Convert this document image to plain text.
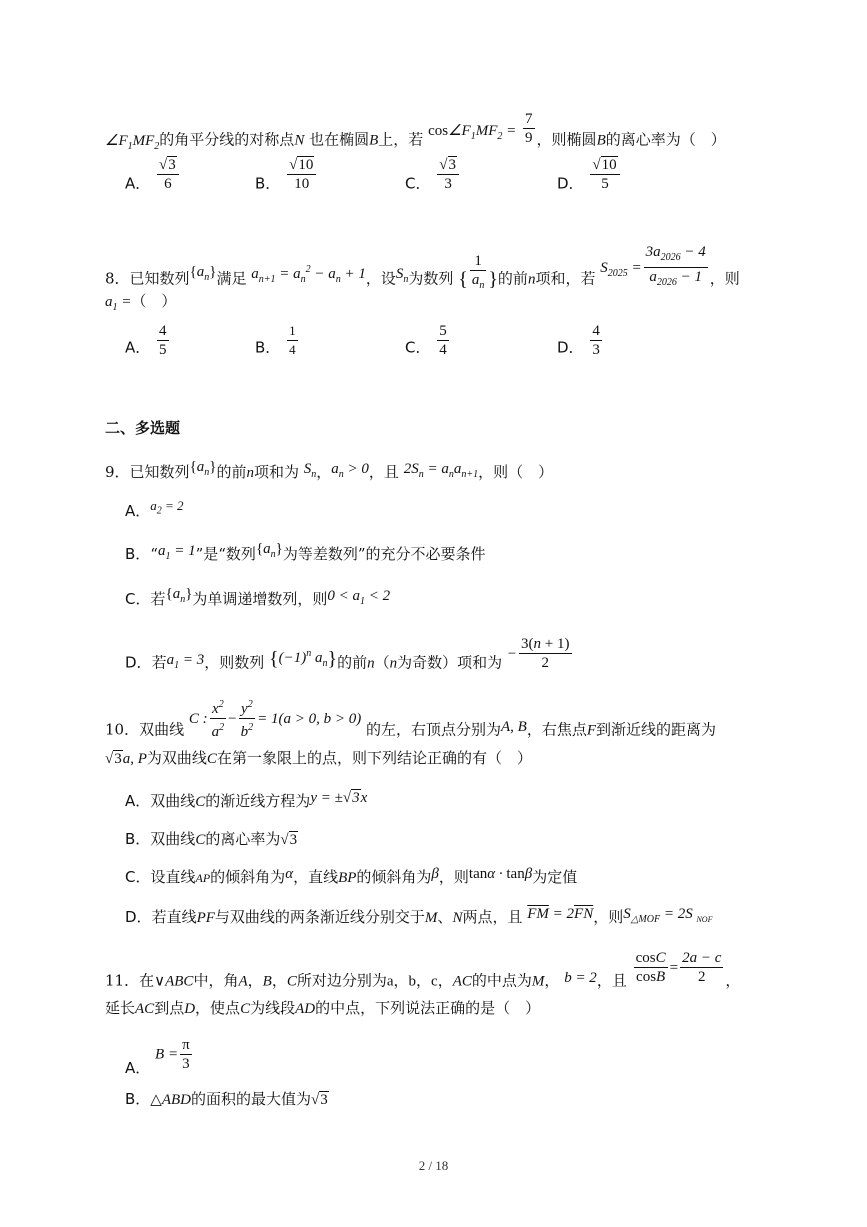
$\angle F_1MF_2$的角平分线的对称点N 也在椭圆B上，若 $\cos\angle F_1MF_2 = \frac{7}{9}$ ，则椭圆B的离心率为（　）
A． $\frac{√3}{6}$	B． $\frac{√10}{10}$	C． $\frac{√3}{3}$	D． $\frac{√10}{5}$
8．已知数列$\{a_n\}$满足 $a_{n+1} = a_n^2 - a_n + 1$，设$S_n$为数列 { $\frac{1}{a_n}$ }的前n项和，若 $S_{2025} = \frac{3a_{2026} - 4}{a_{2026} - 1}$ ，则
$a_1$ =（　）
A． $\frac{4}{5}$	B． $\frac{1}{4}$	C． $\frac{5}{4}$	D． $\frac{4}{3}$
二、多选题
9．已知数列$\{a_n\}$的前n项和为 $S_n$，$a_n > 0$，且 $2S_n = a_na_{n+1}$，则（　）
A．$a_2 = 2$
B．“$a_1 = 1$”是“数列$\{a_n\}$为等差数列”的充分不必要条件
C．若$\{a_n\}$为单调递增数列，则$0 < a_1 < 2$
D．若$a_1 = 3$，则数列 {$(-1)^n$ $a_n$}的前n（n为奇数）项和为 − $\frac{3(n + 1)}{2}$
10．双曲线 C : $\frac{x^2}{a^2} - \frac{y^2}{b^2} = 1(a > 0$, b > 0) 的左，右顶点分别为A, B，右焦点F到渐近线的距离为
√3a, P为双曲线C在第一象限上的点，则下列结论正确的有（　）
A．双曲线C的渐近线方程为y = ±√3x
B．双曲线C的离心率为√3
C．设直线AP的倾斜角为α，直线BP的倾斜角为β，则tanα · tanβ为定值
D．若直线PF与双曲线的两条渐近线分别交于M、N两点，且 $\overline{FM} = 2\overline{FN}$，则$S_{\triangle MOF} = 2S$ $_{NOF}$
11．在∨ABC中，角A，B，C所对边分别为a，b，c，AC的中点为M， b = 2，且 $\frac{\cos C}{\cos B} = \frac{2a - c}{2}$ ，
延长AC到点D，使点C为线段AD的中点，下列说法正确的是（　）
A． $B = \frac{\pi}{3}$
B．△ABD的面积的最大值为√3
2 / 18
